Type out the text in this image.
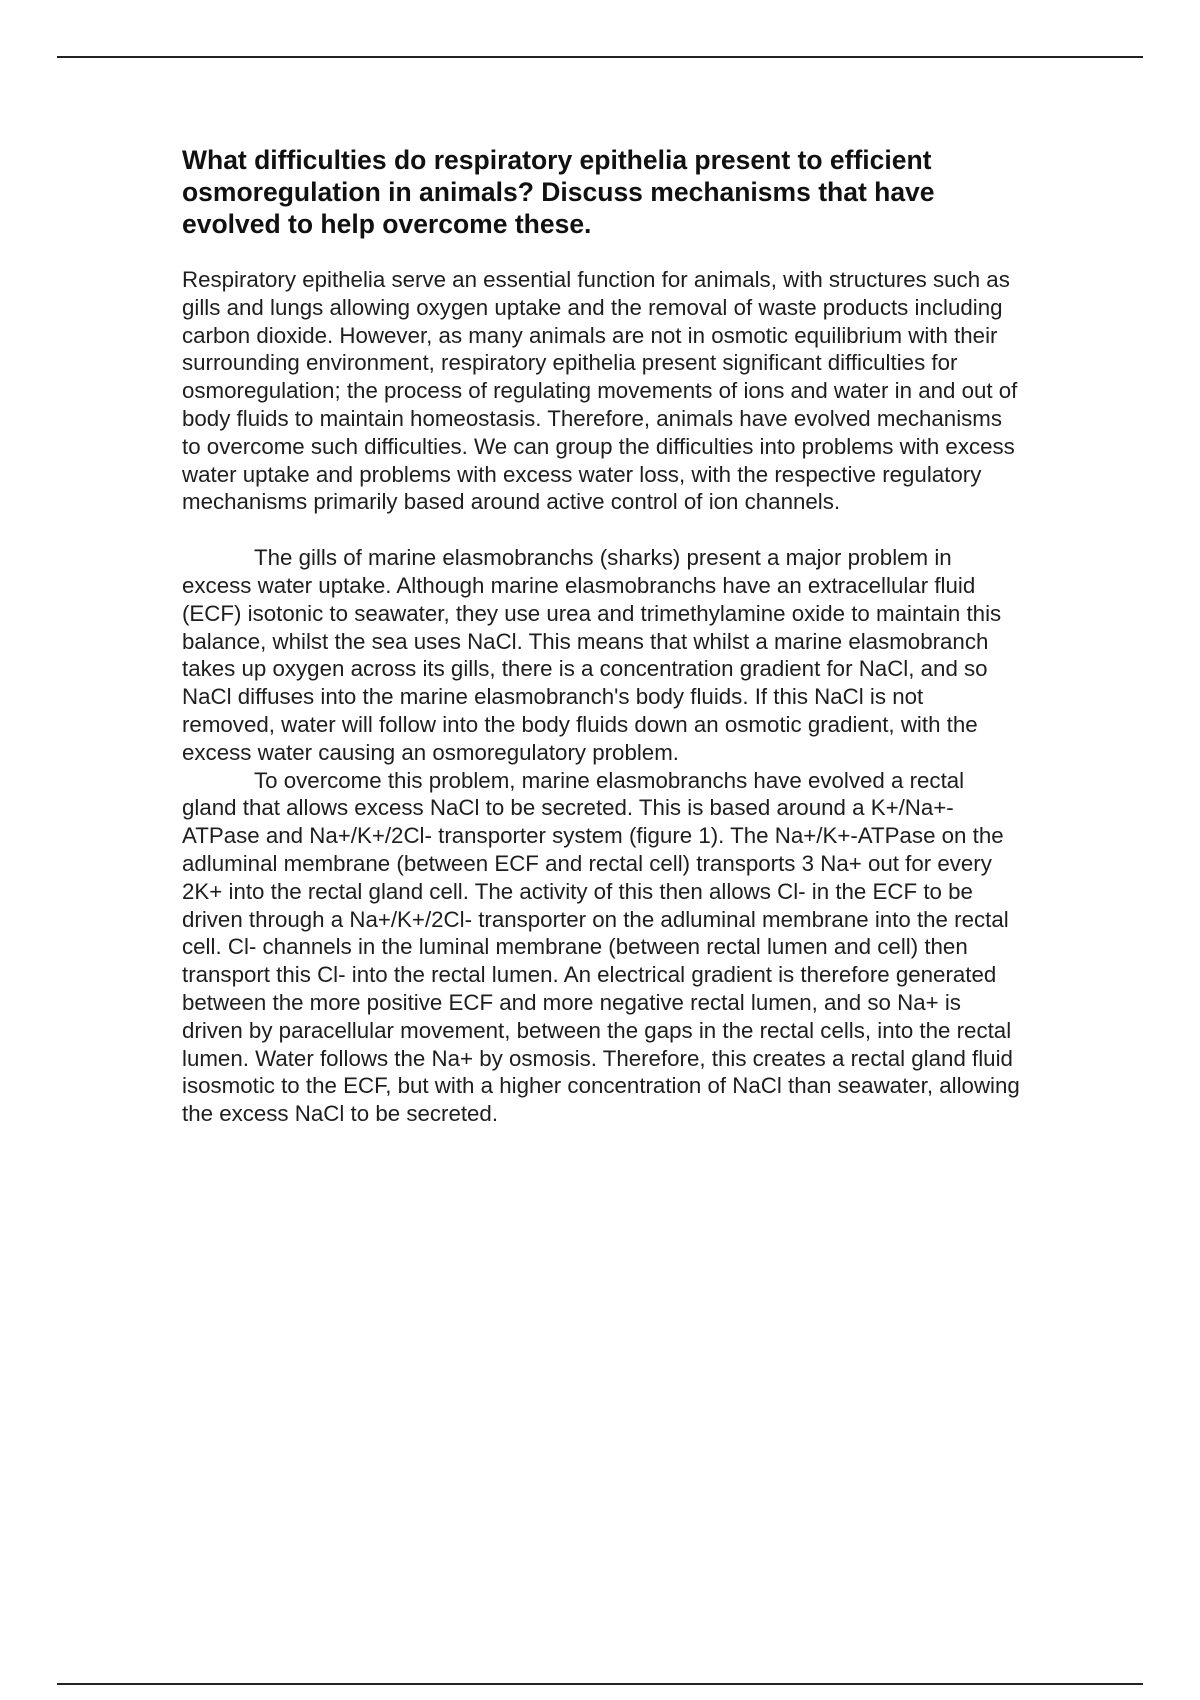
What difficulties do respiratory epithelia present to efficient osmoregulation in animals? Discuss mechanisms that have evolved to help overcome these.

Respiratory epithelia serve an essential function for animals, with structures such as gills and lungs allowing oxygen uptake and the removal of waste products including carbon dioxide. However, as many animals are not in osmotic equilibrium with their surrounding environment, respiratory epithelia present significant difficulties for osmoregulation; the process of regulating movements of ions and water in and out of body fluids to maintain homeostasis. Therefore, animals have evolved mechanisms to overcome such difficulties. We can group the difficulties into problems with excess water uptake and problems with excess water loss, with the respective regulatory mechanisms primarily based around active control of ion channels.

The gills of marine elasmobranchs (sharks) present a major problem in excess water uptake. Although marine elasmobranchs have an extracellular fluid (ECF) isotonic to seawater, they use urea and trimethylamine oxide to maintain this balance, whilst the sea uses NaCl. This means that whilst a marine elasmobranch takes up oxygen across its gills, there is a concentration gradient for NaCl, and so NaCl diffuses into the marine elasmobranch's body fluids. If this NaCl is not removed, water will follow into the body fluids down an osmotic gradient, with the excess water causing an osmoregulatory problem.

To overcome this problem, marine elasmobranchs have evolved a rectal gland that allows excess NaCl to be secreted. This is based around a K+/Na+-ATPase and Na+/K+/2Cl- transporter system (figure 1). The Na+/K+-ATPase on the adluminal membrane (between ECF and rectal cell) transports 3 Na+ out for every 2K+ into the rectal gland cell. The activity of this then allows Cl- in the ECF to be driven through a Na+/K+/2Cl- transporter on the adluminal membrane into the rectal cell. Cl- channels in the luminal membrane (between rectal lumen and cell) then transport this Cl- into the rectal lumen. An electrical gradient is therefore generated between the more positive ECF and more negative rectal lumen, and so Na+ is driven by paracellular movement, between the gaps in the rectal cells, into the rectal lumen. Water follows the Na+ by osmosis. Therefore, this creates a rectal gland fluid isosmotic to the ECF, but with a higher concentration of NaCl than seawater, allowing the excess NaCl to be secreted.
